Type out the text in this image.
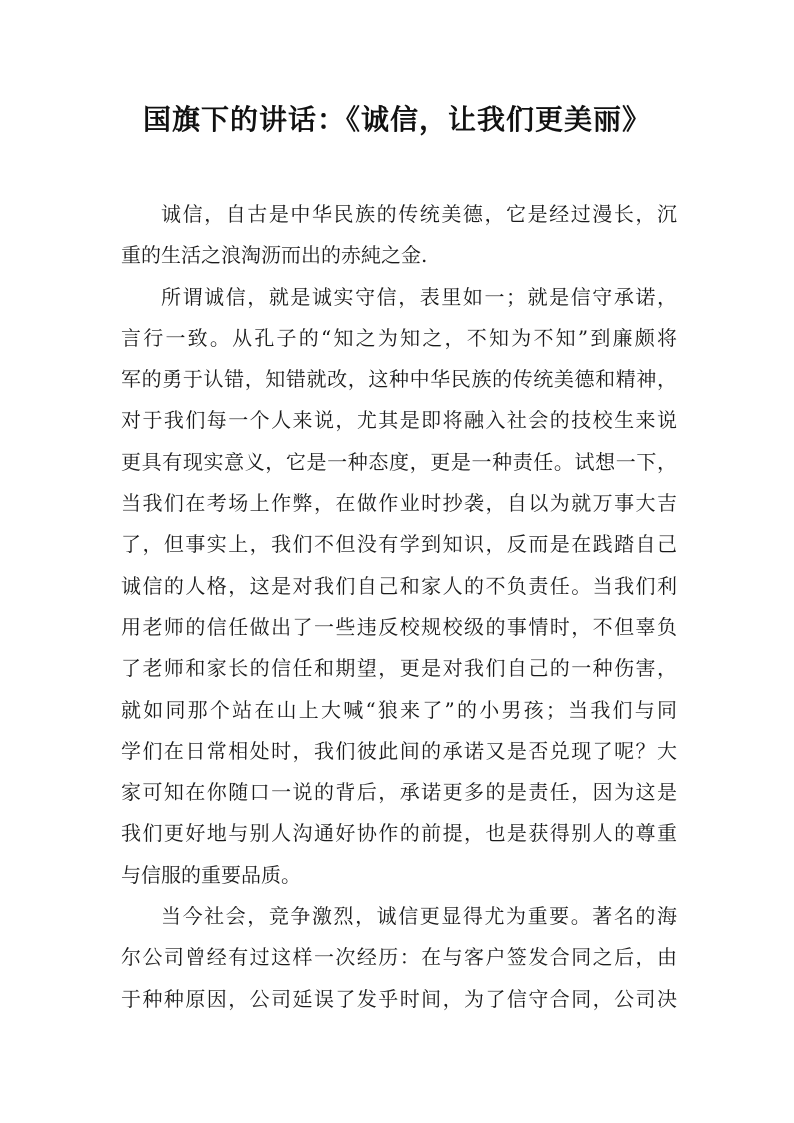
国旗下的讲话：《诚信，让我们更美丽》
诚信，自古是中华民族的传统美德，它是经过漫长，沉
重的生活之浪淘沥而出的赤純之金.
所谓诚信，就是诚实守信，表里如一；就是信守承诺，
言行一致。从孔子的“知之为知之，不知为不知”到廉颇将
军的勇于认错，知错就改，这种中华民族的传统美德和精神，
对于我们每一个人来说，尤其是即将融入社会的技校生来说
更具有现实意义，它是一种态度，更是一种责任。试想一下，
当我们在考场上作弊，在做作业时抄袭，自以为就万事大吉
了，但事实上，我们不但没有学到知识，反而是在践踏自己
诚信的人格，这是对我们自己和家人的不负责任。当我们利
用老师的信任做出了一些违反校规校级的事情时，不但辜负
了老师和家长的信任和期望，更是对我们自己的一种伤害，
就如同那个站在山上大喊“狼来了”的小男孩；当我们与同
学们在日常相处时，我们彼此间的承诺又是否兑现了呢？大
家可知在你随口一说的背后，承诺更多的是责任，因为这是
我们更好地与别人沟通好协作的前提，也是获得别人的尊重
与信服的重要品质。
当今社会，竞争激烈，诚信更显得尤为重要。著名的海
尔公司曾经有过这样一次经历：在与客户签发合同之后，由
于种种原因，公司延误了发乎时间，为了信守合同，公司决
